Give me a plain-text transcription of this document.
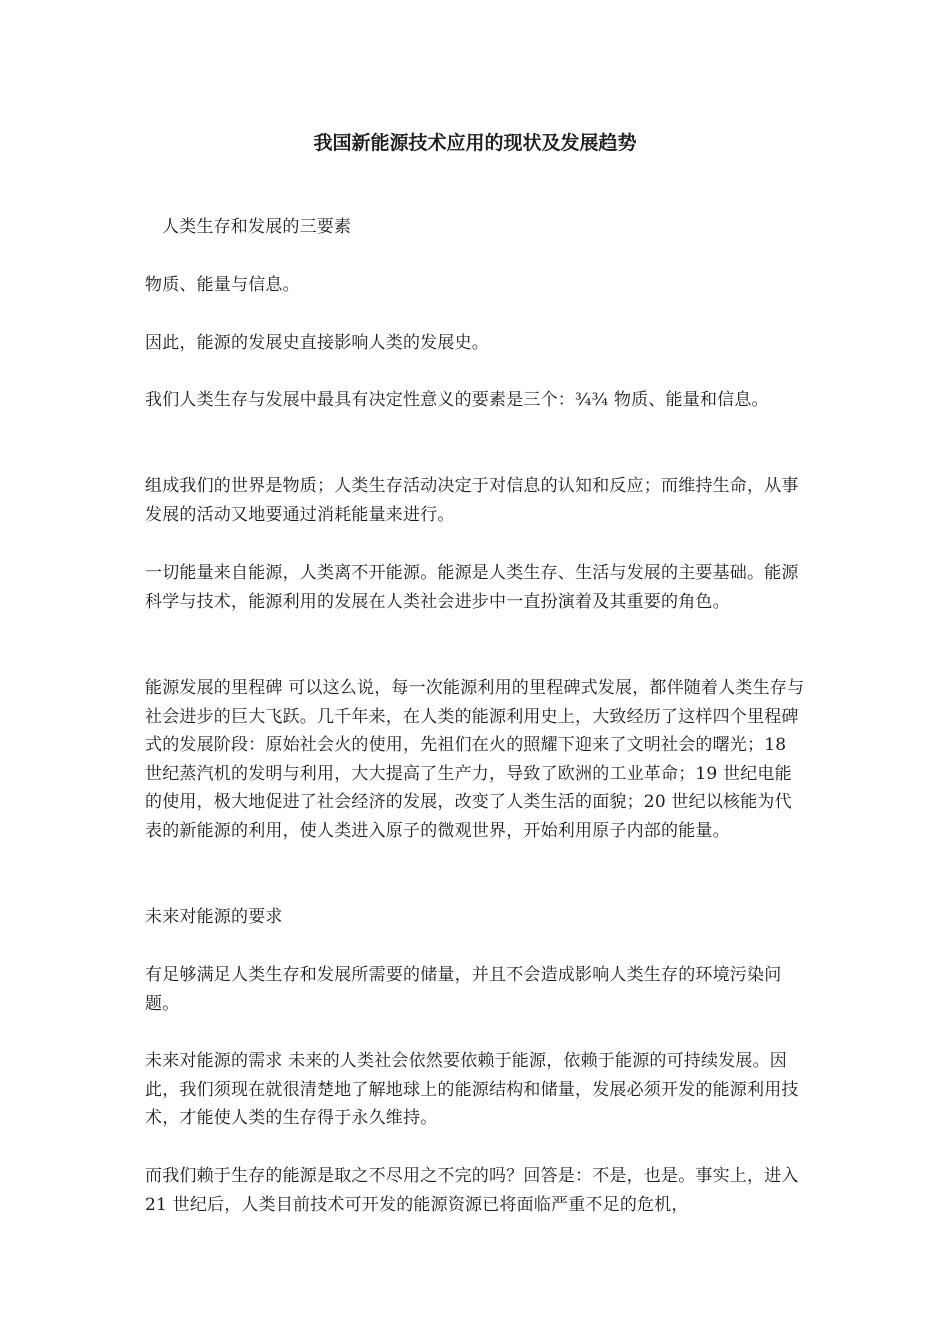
我国新能源技术应用的现状及发展趋势

人类生存和发展的三要素

物质、能量与信息。

因此，能源的发展史直接影响人类的发展史。

我们人类生存与发展中最具有决定性意义的要素是三个：¾¾ 物质、能量和信息。

组成我们的世界是物质；人类生存活动决定于对信息的认知和反应；而维持生命，从事发展的活动又地要通过消耗能量来进行。

一切能量来自能源，人类离不开能源。能源是人类生存、生活与发展的主要基础。能源科学与技术，能源利用的发展在人类社会进步中一直扮演着及其重要的角色。

能源发展的里程碑 可以这么说，每一次能源利用的里程碑式发展，都伴随着人类生存与社会进步的巨大飞跃。几千年来，在人类的能源利用史上，大致经历了这样四个里程碑式的发展阶段：原始社会火的使用，先祖们在火的照耀下迎来了文明社会的曙光；18 世纪蒸汽机的发明与利用，大大提高了生产力，导致了欧洲的工业革命；19 世纪电能的使用，极大地促进了社会经济的发展，改变了人类生活的面貌；20 世纪以核能为代表的新能源的利用，使人类进入原子的微观世界，开始利用原子内部的能量。

未来对能源的要求

有足够满足人类生存和发展所需要的储量，并且不会造成影响人类生存的环境污染问题。

未来对能源的需求 未来的人类社会依然要依赖于能源，依赖于能源的可持续发展。因此，我们须现在就很清楚地了解地球上的能源结构和储量，发展必须开发的能源利用技术，才能使人类的生存得于永久维持。

而我们赖于生存的能源是取之不尽用之不完的吗？回答是：不是，也是。事实上，进入 21 世纪后，人类目前技术可开发的能源资源已将面临严重不足的危机，
